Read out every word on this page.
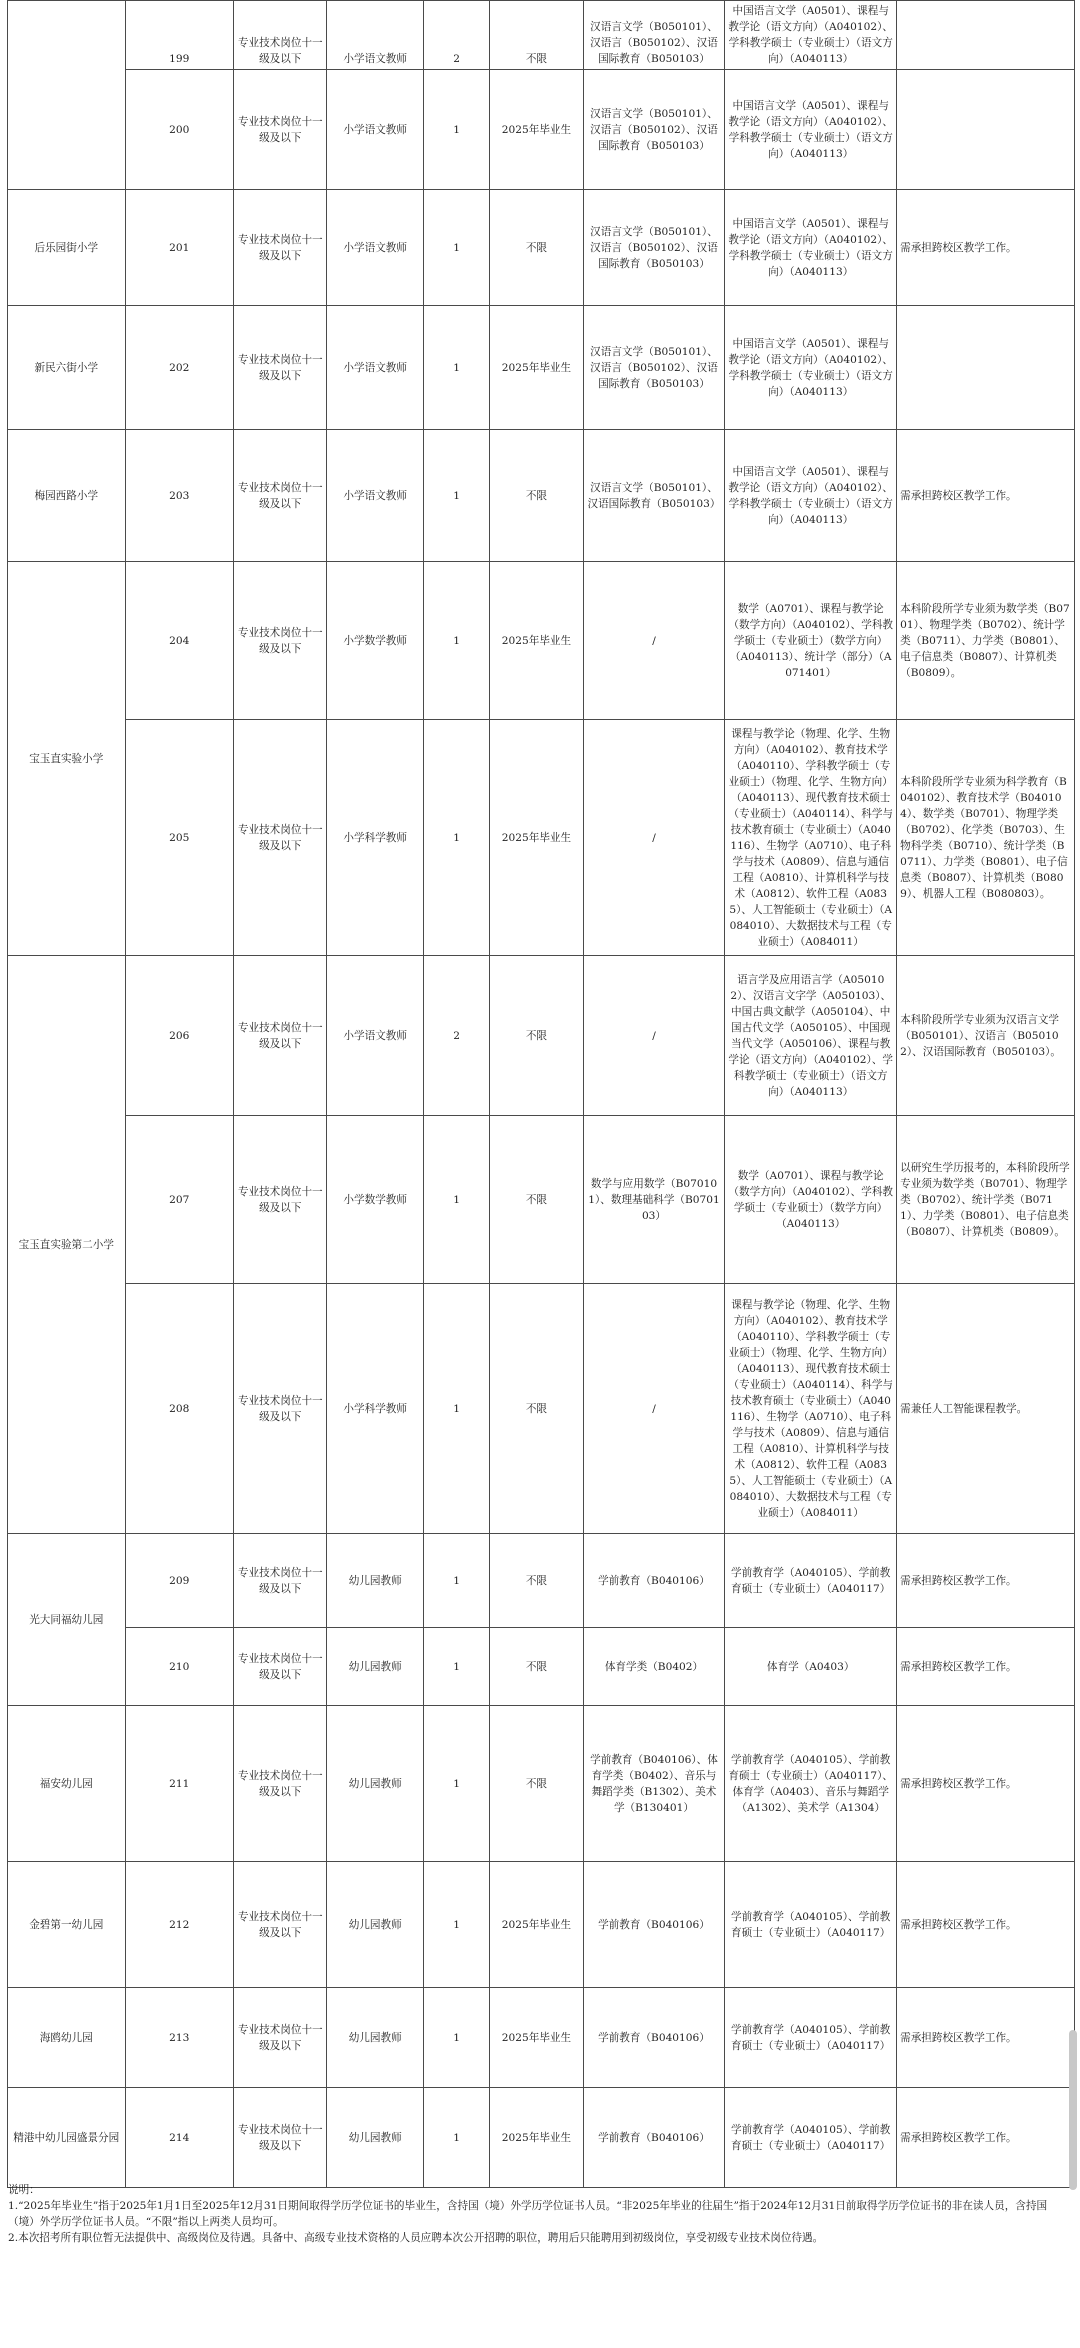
	199	专业技术岗位十一级及以下	小学语文教师	2	不限	汉语言文学（B050101）、汉语言（B050102）、汉语国际教育（B050103）	中国语言文学（A0501）、课程与教学论（语文方向）（A040102）、学科教学硕士（专业硕士）（语文方向）（A040113）	
	200	专业技术岗位十一级及以下	小学语文教师	1	2025年毕业生	汉语言文学（B050101）、汉语言（B050102）、汉语国际教育（B050103）	中国语言文学（A0501）、课程与教学论（语文方向）（A040102）、学科教学硕士（专业硕士）（语文方向）（A040113）	
后乐园街小学	201	专业技术岗位十一级及以下	小学语文教师	1	不限	汉语言文学（B050101）、汉语言（B050102）、汉语国际教育（B050103）	中国语言文学（A0501）、课程与教学论（语文方向）（A040102）、学科教学硕士（专业硕士）（语文方向）（A040113）	需承担跨校区教学工作。
新民六街小学	202	专业技术岗位十一级及以下	小学语文教师	1	2025年毕业生	汉语言文学（B050101）、汉语言（B050102）、汉语国际教育（B050103）	中国语言文学（A0501）、课程与教学论（语文方向）（A040102）、学科教学硕士（专业硕士）（语文方向）（A040113）	
梅园西路小学	203	专业技术岗位十一级及以下	小学语文教师	1	不限	汉语言文学（B050101）、汉语国际教育（B050103）	中国语言文学（A0501）、课程与教学论（语文方向）（A040102）、学科教学硕士（专业硕士）（语文方向）（A040113）	需承担跨校区教学工作。
宝玉直实验小学	204	专业技术岗位十一级及以下	小学数学教师	1	2025年毕业生	/	数学（A0701）、课程与教学论（数学方向）（A040102）、学科教学硕士（专业硕士）（数学方向）（A040113）、统计学（部分）（A071401）	本科阶段所学专业须为数学类（B0701）、物理学类（B0702）、统计学类（B0711）、力学类（B0801）、电子信息类（B0807）、计算机类（B0809）。
	205	专业技术岗位十一级及以下	小学科学教师	1	2025年毕业生	/	课程与教学论（物理、化学、生物方向）（A040102）、教育技术学（A040110）、学科教学硕士（专业硕士）（物理、化学、生物方向）（A040113）、现代教育技术硕士（专业硕士）（A040114）、科学与技术教育硕士（专业硕士）（A040116）、生物学（A0710）、电子科学与技术（A0809）、信息与通信工程（A0810）、计算机科学与技术（A0812）、软件工程（A0835）、人工智能硕士（专业硕士）（A084010）、大数据技术与工程（专业硕士）（A084011）	本科阶段所学专业须为科学教育（B040102）、教育技术学（B040104）、数学类（B0701）、物理学类（B0702）、化学类（B0703）、生物科学类（B0710）、统计学类（B0711）、力学类（B0801）、电子信息类（B0807）、计算机类（B0809）、机器人工程（B080803）。
宝玉直实验第二小学	206	专业技术岗位十一级及以下	小学语文教师	2	不限	/	语言学及应用语言学（A050102）、汉语言文字学（A050103）、中国古典文献学（A050104）、中国古代文学（A050105）、中国现当代文学（A050106）、课程与教学论（语文方向）（A040102）、学科教学硕士（专业硕士）（语文方向）（A040113）	本科阶段所学专业须为汉语言文学（B050101）、汉语言（B050102）、汉语国际教育（B050103）。
	207	专业技术岗位十一级及以下	小学数学教师	1	不限	数学与应用数学（B070101）、数理基础科学（B070103）	数学（A0701）、课程与教学论（数学方向）（A040102）、学科教学硕士（专业硕士）（数学方向）（A040113）	以研究生学历报考的，本科阶段所学专业须为数学类（B0701）、物理学类（B0702）、统计学类（B0711）、力学类（B0801）、电子信息类（B0807）、计算机类（B0809）。
	208	专业技术岗位十一级及以下	小学科学教师	1	不限	/	课程与教学论（物理、化学、生物方向）（A040102）、教育技术学（A040110）、学科教学硕士（专业硕士）（物理、化学、生物方向）（A040113）、现代教育技术硕士（专业硕士）（A040114）、科学与技术教育硕士（专业硕士）（A040116）、生物学（A0710）、电子科学与技术（A0809）、信息与通信工程（A0810）、计算机科学与技术（A0812）、软件工程（A0835）、人工智能硕士（专业硕士）（A084010）、大数据技术与工程（专业硕士）（A084011）	需兼任人工智能课程教学。
光大同福幼儿园	209	专业技术岗位十一级及以下	幼儿园教师	1	不限	学前教育（B040106）	学前教育学（A040105）、学前教育硕士（专业硕士）（A040117）	需承担跨校区教学工作。
	210	专业技术岗位十一级及以下	幼儿园教师	1	不限	体育学类（B0402）	体育学（A0403）	需承担跨校区教学工作。
福安幼儿园	211	专业技术岗位十一级及以下	幼儿园教师	1	不限	学前教育（B040106）、体育学类（B0402）、音乐与舞蹈学类（B1302）、美术学（B130401）	学前教育学（A040105）、学前教育硕士（专业硕士）（A040117）、体育学（A0403）、音乐与舞蹈学（A1302）、美术学（A1304）	需承担跨校区教学工作。
金碧第一幼儿园	212	专业技术岗位十一级及以下	幼儿园教师	1	2025年毕业生	学前教育（B040106）	学前教育学（A040105）、学前教育硕士（专业硕士）（A040117）	需承担跨校区教学工作。
海鸥幼儿园	213	专业技术岗位十一级及以下	幼儿园教师	1	2025年毕业生	学前教育（B040106）	学前教育学（A040105）、学前教育硕士（专业硕士）（A040117）	需承担跨校区教学工作。
精港中幼儿园盛景分园	214	专业技术岗位十一级及以下	幼儿园教师	1	2025年毕业生	学前教育（B040106）	学前教育学（A040105）、学前教育硕士（专业硕士）（A040117）	需承担跨校区教学工作。
说明：
1.“2025年毕业生”指于2025年1月1日至2025年12月31日期间取得学历学位证书的毕业生，含持国（境）外学历学位证书人员。“非2025年毕业的往届生”指于2024年12月31日前取得学历学位证书的非在读人员，含持国（境）外学历学位证书人员。“不限”指以上两类人员均可。
2.本次招考所有职位暂无法提供中、高级岗位及待遇。具备中、高级专业技术资格的人员应聘本次公开招聘的职位，聘用后只能聘用到初级岗位，享受初级专业技术岗位待遇。
